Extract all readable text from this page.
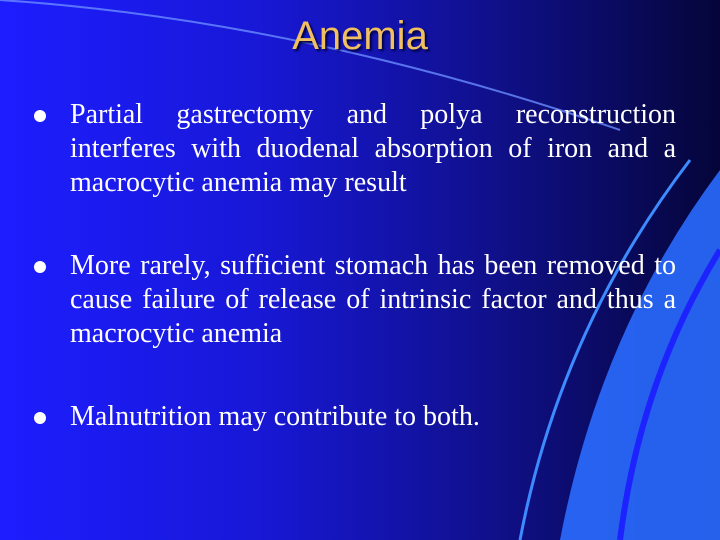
Anemia
Partial gastrectomy and polya reconstruction interferes with duodenal absorption of iron and a macrocytic anemia may result
More rarely, sufficient stomach has been removed to cause failure of release of intrinsic factor and thus a macrocytic anemia
Malnutrition may contribute to both.
